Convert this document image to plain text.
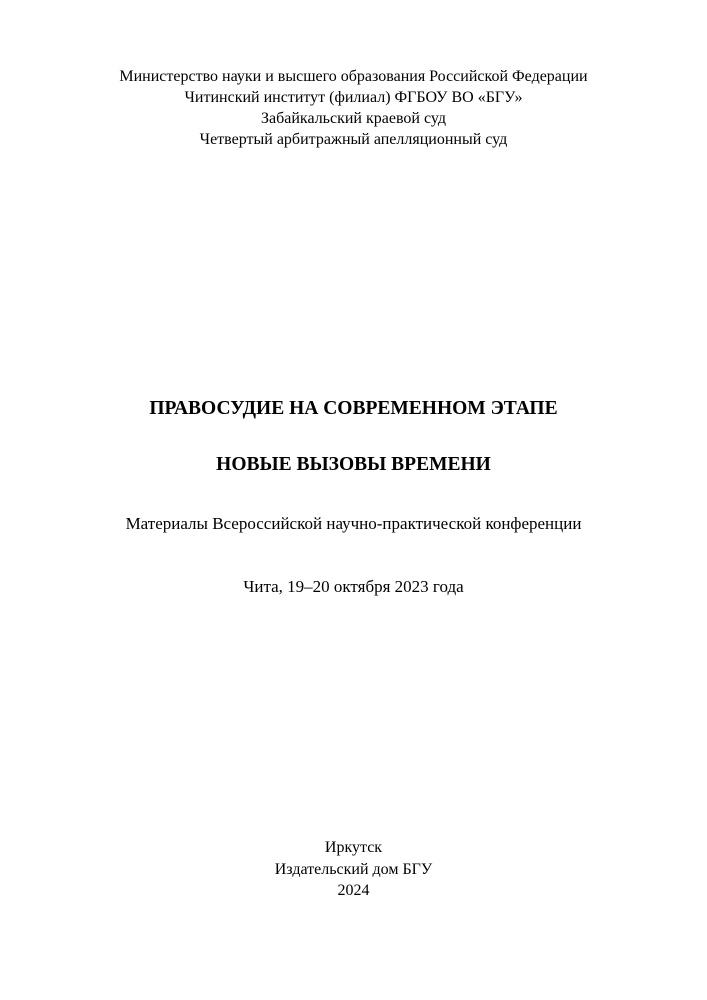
Министерство науки и высшего образования Российской Федерации
Читинский институт (филиал) ФГБОУ ВО «БГУ»
Забайкальский краевой суд
Четвертый арбитражный апелляционный суд
ПРАВОСУДИЕ НА СОВРЕМЕННОМ ЭТАПЕ
НОВЫЕ ВЫЗОВЫ ВРЕМЕНИ
Материалы Всероссийской научно-практической конференции
Чита, 19–20 октября 2023 года
Иркутск
Издательский дом БГУ
2024
